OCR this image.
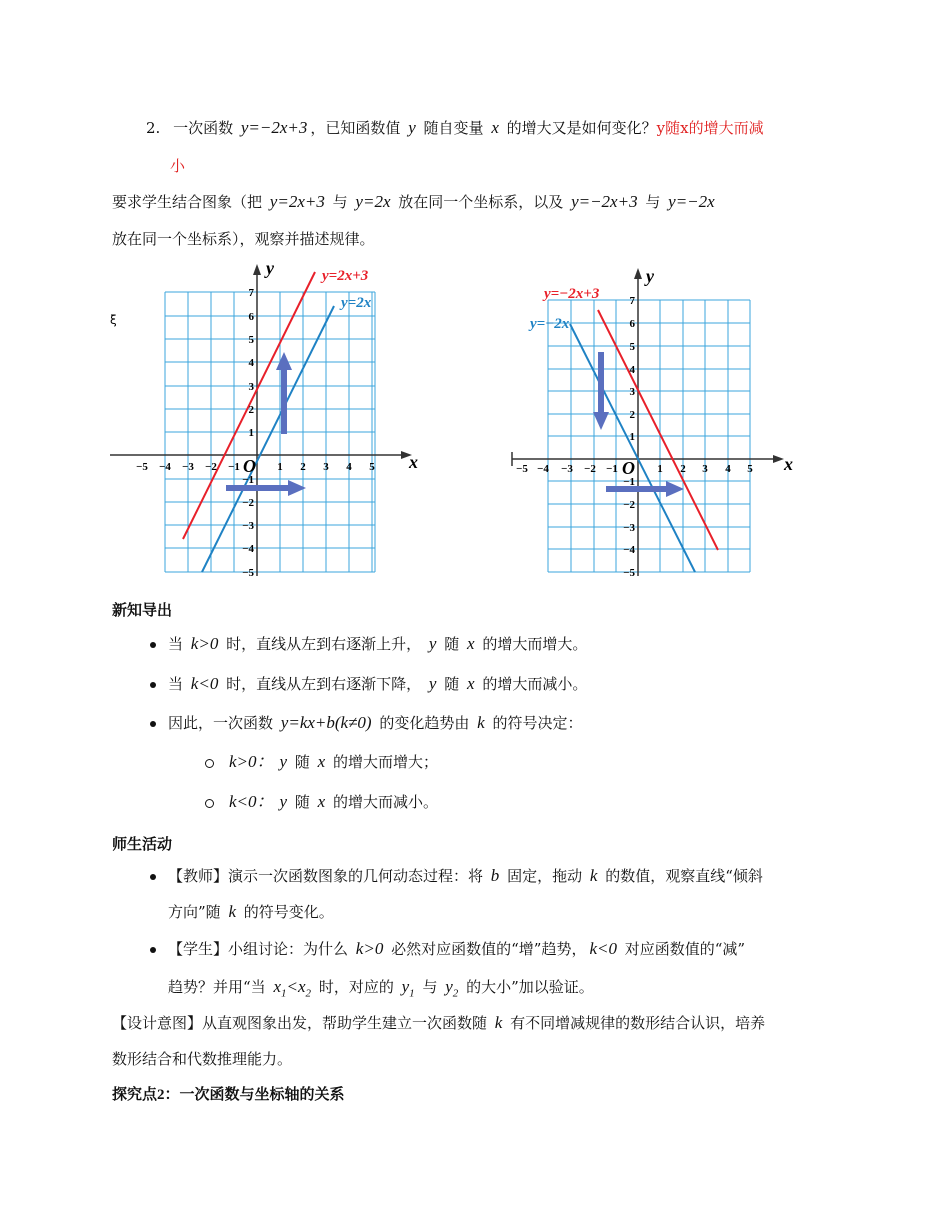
2. 一次函数 y=−2x+3 ，已知函数值 y 随自变量 x 的增大又是如何变化？y随x的增大而减
小
要求学生结合图象（把 y=2x+3 与 y=2x 放在同一个坐标系，以及 y=−2x+3 与 y=−2x
放在同一个坐标系），观察并描述规律。
y
x
O
y=2x+3
y=2x
ξ
−5 −4 −3 −2 −1	1 2 3 4 5
7
6
5
4
3
2
1
−1
−2
−3
−4
−5
y
x
O
y=−2x+3
y=−2x
−5 −4 −3 −2 −1	1 2 3 4 5
7
6
5
4
3
2
1
−1
−2
−3
−4
−5
新知导出
当 k>0 时，直线从左到右逐渐上升， y 随 x 的增大而增大。
当 k<0 时，直线从左到右逐渐下降， y 随 x 的增大而减小。
因此，一次函数 y=kx+b(k≠0) 的变化趋势由 k 的符号决定：
k>0： y 随 x 的增大而增大；
k<0： y 随 x 的增大而减小。
师生活动
【教师】演示一次函数图象的几何动态过程：将 b 固定，拖动 k 的数值，观察直线“倾斜
方向”随 k 的符号变化。
【学生】小组讨论：为什么 k>0 必然对应函数值的“增”趋势， k<0 对应函数值的“减”
趋势？并用“当 $x_1<x_2$ 时，对应的 $y_1$ 与 $y_2$ 的大小”加以验证。
【设计意图】从直观图象出发，帮助学生建立一次函数随 k 有不同增减规律的数形结合认识，培养
数形结合和代数推理能力。
探究点2：一次函数与坐标轴的关系
